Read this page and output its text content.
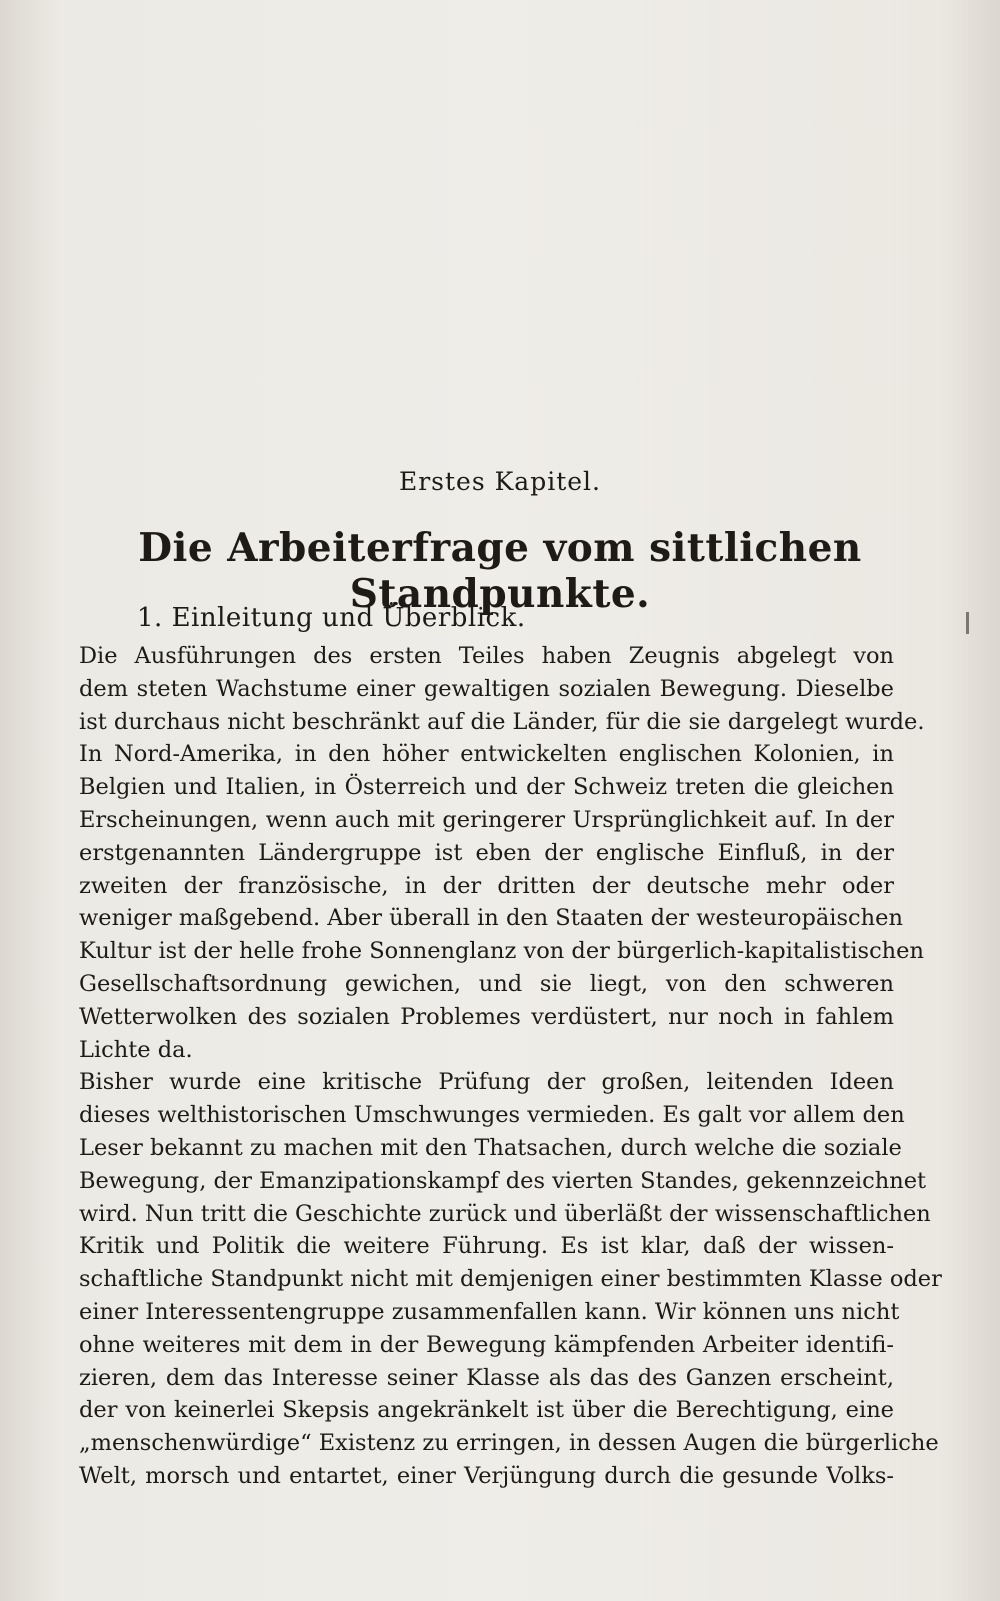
Erstes Kapitel.
Die Arbeiterfrage vom sittlichen Standpunkte.
1. Einleitung und Überblick.
Die Ausführungen des ersten Teiles haben Zeugnis abgelegt von
dem steten Wachstume einer gewaltigen sozialen Bewegung. Dieselbe
ist durchaus nicht beschränkt auf die Länder, für die sie dargelegt wurde.
In Nord-Amerika, in den höher entwickelten englischen Kolonien, in
Belgien und Italien, in Österreich und der Schweiz treten die gleichen
Erscheinungen, wenn auch mit geringerer Ursprünglichkeit auf. In der
erstgenannten Ländergruppe ist eben der englische Einfluß, in der
zweiten der französische, in der dritten der deutsche mehr oder
weniger maßgebend. Aber überall in den Staaten der westeuropäischen
Kultur ist der helle frohe Sonnenglanz von der bürgerlich-kapitalistischen
Gesellschaftsordnung gewichen, und sie liegt, von den schweren
Wetterwolken des sozialen Problemes verdüstert, nur noch in fahlem
Lichte da.
Bisher wurde eine kritische Prüfung der großen, leitenden Ideen
dieses welthistorischen Umschwunges vermieden. Es galt vor allem den
Leser bekannt zu machen mit den Thatsachen, durch welche die soziale
Bewegung, der Emanzipationskampf des vierten Standes, gekennzeichnet
wird. Nun tritt die Geschichte zurück und überläßt der wissenschaftlichen
Kritik und Politik die weitere Führung. Es ist klar, daß der wissen-
schaftliche Standpunkt nicht mit demjenigen einer bestimmten Klasse oder
einer Interessentengruppe zusammenfallen kann. Wir können uns nicht
ohne weiteres mit dem in der Bewegung kämpfenden Arbeiter identifi-
zieren, dem das Interesse seiner Klasse als das des Ganzen erscheint,
der von keinerlei Skepsis angekränkelt ist über die Berechtigung, eine
„menschenwürdige“ Existenz zu erringen, in dessen Augen die bürgerliche
Welt, morsch und entartet, einer Verjüngung durch die gesunde Volks-
